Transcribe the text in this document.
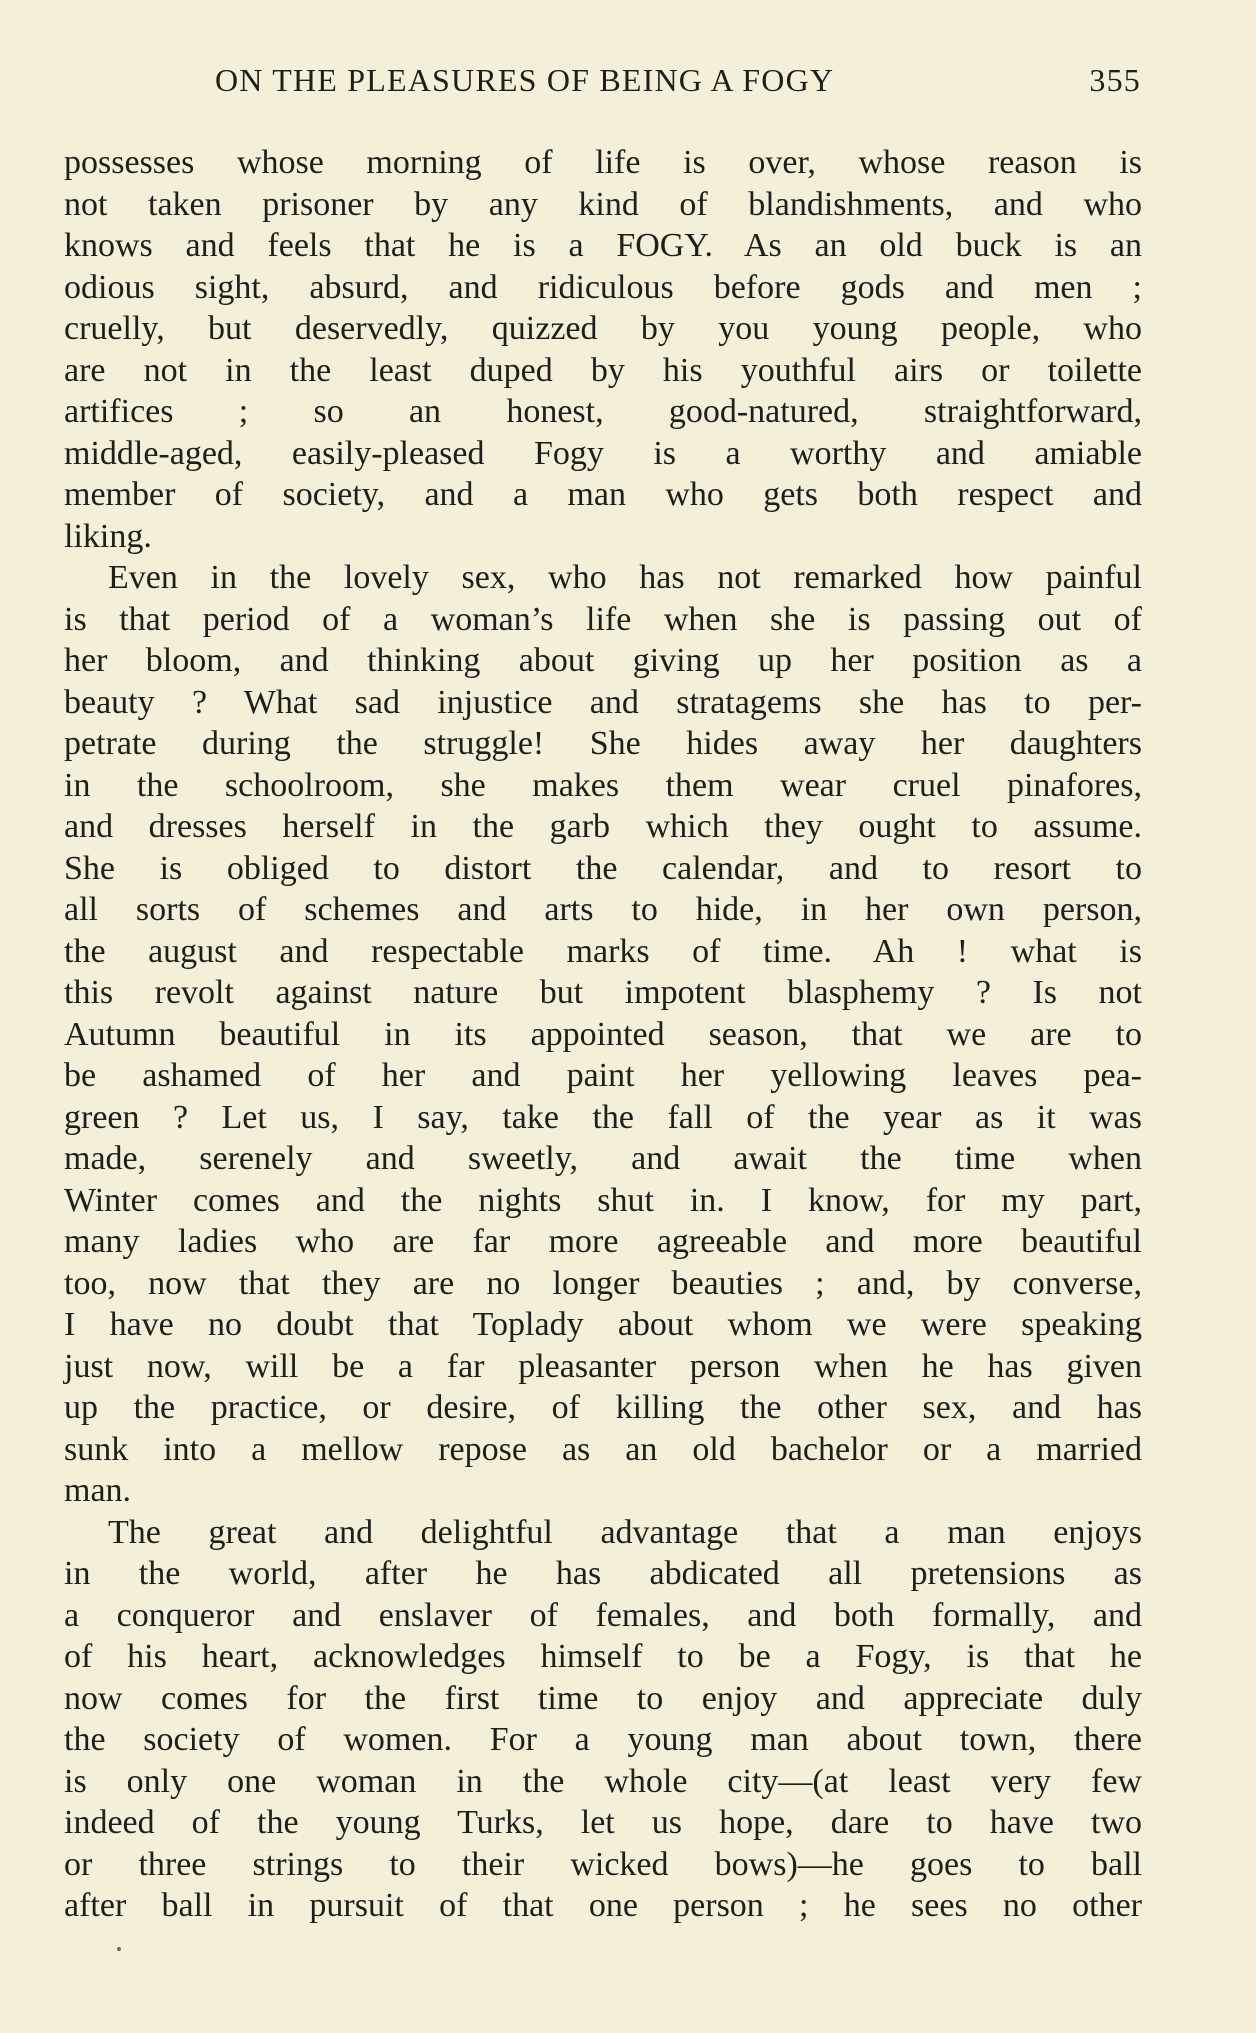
ON THE PLEASURES OF BEING A FOGY	355
possesses whose morning of life is over, whose reason is
not taken prisoner by any kind of blandishments, and who
knows and feels that he is a FOGY. As an old buck is an
odious sight, absurd, and ridiculous before gods and men ;
cruelly, but deservedly, quizzed by you young people, who
are not in the least duped by his youthful airs or toilette
artifices ; so an honest, good-natured, straightforward,
middle-aged, easily-pleased Fogy is a worthy and amiable
member of society, and a man who gets both respect and
liking.
Even in the lovely sex, who has not remarked how painful
is that period of a woman’s life when she is passing out of
her bloom, and thinking about giving up her position as a
beauty ? What sad injustice and stratagems she has to per-
petrate during the struggle! She hides away her daughters
in the schoolroom, she makes them wear cruel pinafores,
and dresses herself in the garb which they ought to assume.
She is obliged to distort the calendar, and to resort to
all sorts of schemes and arts to hide, in her own person,
the august and respectable marks of time. Ah ! what is
this revolt against nature but impotent blasphemy ? Is not
Autumn beautiful in its appointed season, that we are to
be ashamed of her and paint her yellowing leaves pea-
green ? Let us, I say, take the fall of the year as it was
made, serenely and sweetly, and await the time when
Winter comes and the nights shut in. I know, for my part,
many ladies who are far more agreeable and more beautiful
too, now that they are no longer beauties ; and, by converse,
I have no doubt that Toplady about whom we were speaking
just now, will be a far pleasanter person when he has given
up the practice, or desire, of killing the other sex, and has
sunk into a mellow repose as an old bachelor or a married
man.
The great and delightful advantage that a man enjoys
in the world, after he has abdicated all pretensions as
a conqueror and enslaver of females, and both formally, and
of his heart, acknowledges himself to be a Fogy, is that he
now comes for the first time to enjoy and appreciate duly
the society of women. For a young man about town, there
is only one woman in the whole city—(at least very few
indeed of the young Turks, let us hope, dare to have two
or three strings to their wicked bows)—he goes to ball
after ball in pursuit of that one person ; he sees no other
